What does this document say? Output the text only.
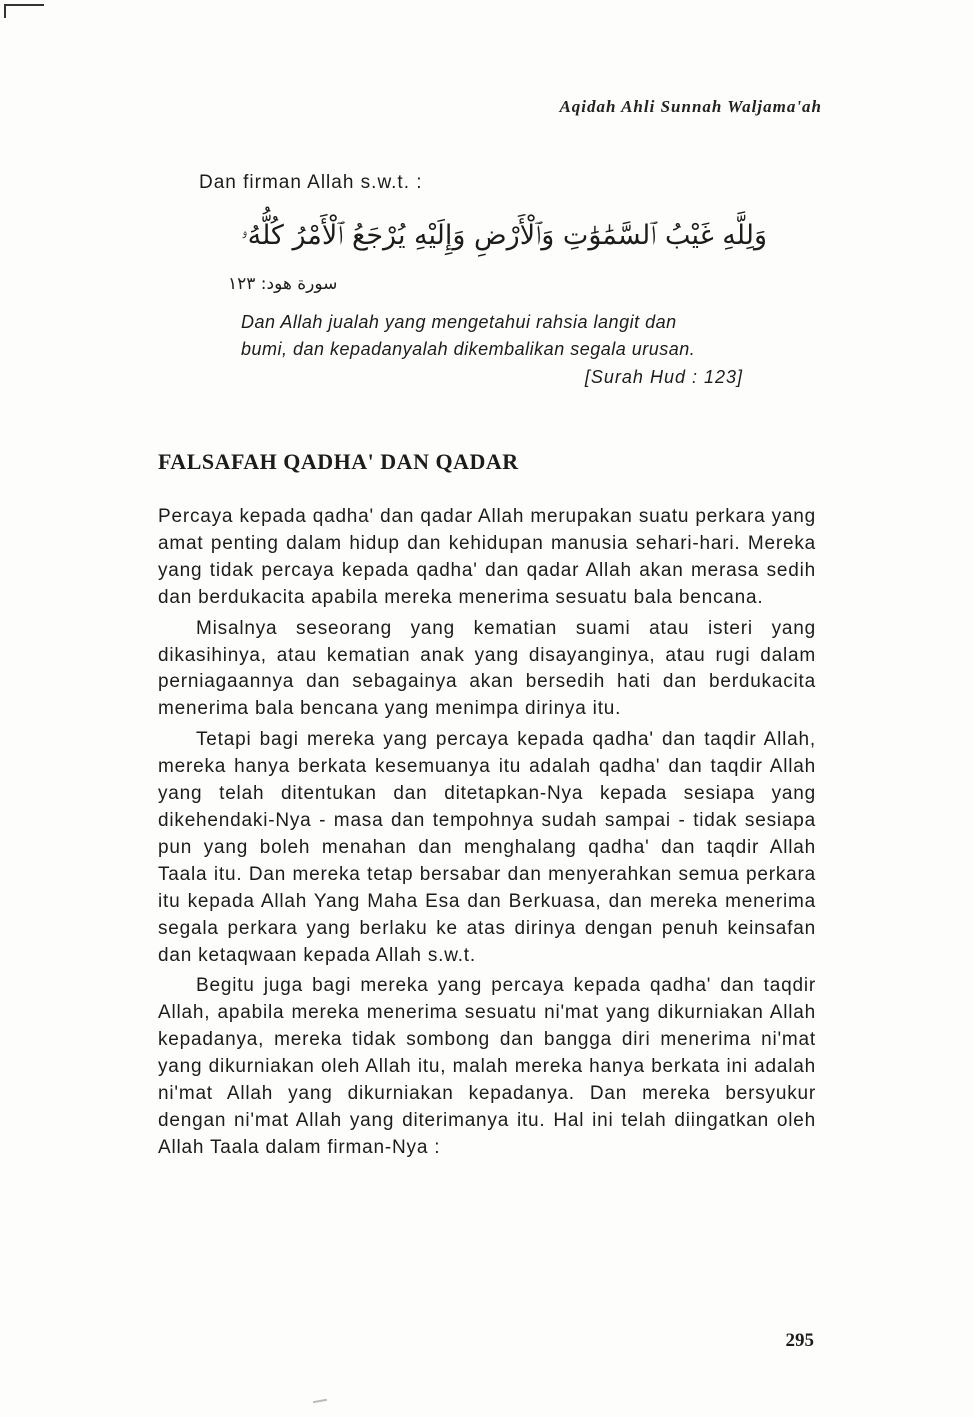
Aqidah Ahli Sunnah Waljama'ah
Dan firman Allah s.w.t. :
وَلِلَّهِ غَيْبُ ٱلسَّمَٰوَٰتِ وَٱلْأَرْضِ وَإِلَيْهِ يُرْجَعُ ٱلْأَمْرُ كُلُّهُۥ
سورة هود: ١٢٣

Dan Allah jualah yang mengetahui rahsia langit dan

bumi, dan kepadanyalah dikembalikan segala urusan.

[Surah Hud : 123]
FALSAFAH QADHA' DAN QADAR

Percaya kepada qadha' dan qadar Allah merupakan suatu perkara yang amat penting dalam hidup dan kehidupan manusia sehari-hari. Mereka yang tidak percaya kepada qadha' dan qadar Allah akan merasa sedih dan berdukacita apabila mereka menerima sesuatu bala bencana.

Misalnya seseorang yang kematian suami atau isteri yang dikasihinya, atau kematian anak yang disayanginya, atau rugi dalam perniagaannya dan sebagainya akan bersedih hati dan berdukacita menerima bala bencana yang menimpa dirinya itu.

Tetapi bagi mereka yang percaya kepada qadha' dan taqdir Allah, mereka hanya berkata kesemuanya itu adalah qadha' dan taqdir Allah yang telah ditentukan dan ditetapkan-Nya kepada sesiapa yang dikehendaki-Nya - masa dan tempohnya sudah sampai - tidak sesiapa pun yang boleh menahan dan menghalang qadha' dan taqdir Allah Taala itu. Dan mereka tetap bersabar dan menyerahkan semua perkara itu kepada Allah Yang Maha Esa dan Berkuasa, dan mereka menerima segala perkara yang berlaku ke atas dirinya dengan penuh keinsafan dan ketaqwaan kepada Allah s.w.t.

Begitu juga bagi mereka yang percaya kepada qadha' dan taqdir Allah, apabila mereka menerima sesuatu ni'mat yang dikurniakan Allah kepadanya, mereka tidak sombong dan bangga diri menerima ni'mat yang dikurniakan oleh Allah itu, malah mereka hanya berkata ini adalah ni'mat Allah yang dikurniakan kepadanya. Dan mereka bersyukur dengan ni'mat Allah yang diterimanya itu. Hal ini telah diingatkan oleh Allah Taala dalam firman-Nya :

295
